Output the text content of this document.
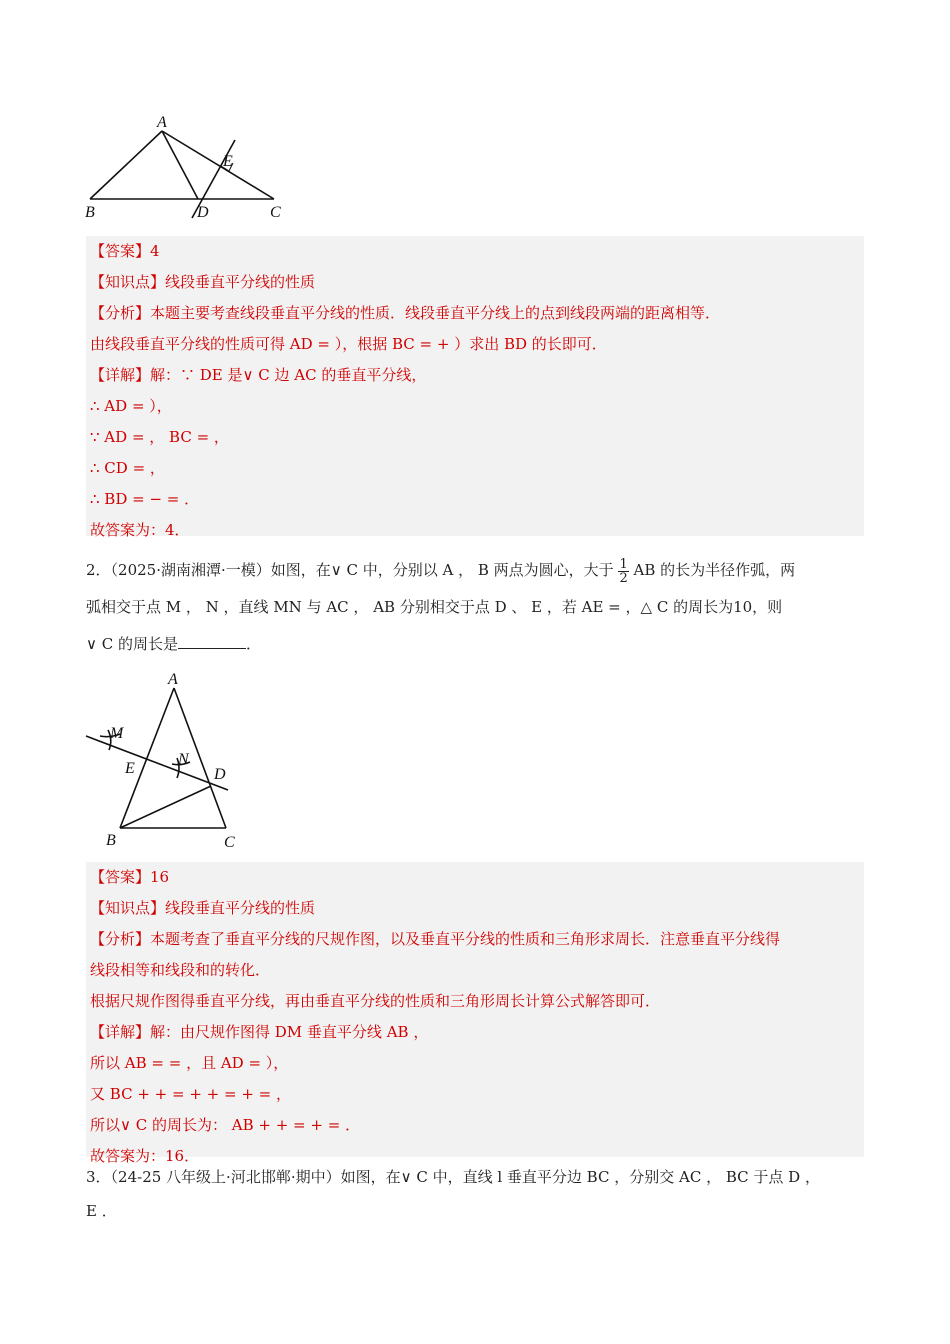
A
B	C
D
E
【答案】4
【知识点】线段垂直平分线的性质
【分析】本题主要考查线段垂直平分线的性质．线段垂直平分线上的点到线段两端的距离相等．
由线段垂直平分线的性质可得 AD = ），根据 BC = + ）求出 BD 的长即可．
【详解】解：∵ DE 是∨ C 边 AC 的垂直平分线，
∴ AD = ），
∵ AD = ， BC = ，
∴ CD = ，
∴ BD = − = ．
故答案为：4．
2．（2025·湖南湘潭·一模）如图，在∨ C 中，分别以 A ， B 两点为圆心，大于 $\frac{1}{2}$ AB 的长为半径作弧，两
弧相交于点 M ， N ，直线 MN 与 AC ， AB 分别相交于点 D 、 E ，若 AE = ，△ C 的周长为10，则
∨ C 的周长是	．
A
B	C
D
E
M
N
【答案】16
【知识点】线段垂直平分线的性质
【分析】本题考查了垂直平分线的尺规作图，以及垂直平分线的性质和三角形求周长．注意垂直平分线得
线段相等和线段和的转化．
根据尺规作图得垂直平分线，再由垂直平分线的性质和三角形周长计算公式解答即可．
【详解】解：由尺规作图得 DM 垂直平分线 AB ，
所以 AB = = ，且 AD = ），
又 BC + + = + + = + = ，
所以∨ C 的周长为： AB + + = + = ．
故答案为：16．
3．（24-25 八年级上·河北邯郸·期中）如图，在∨ C 中，直线 l 垂直平分边 BC ，分别交 AC ， BC 于点 D ，
E ．
